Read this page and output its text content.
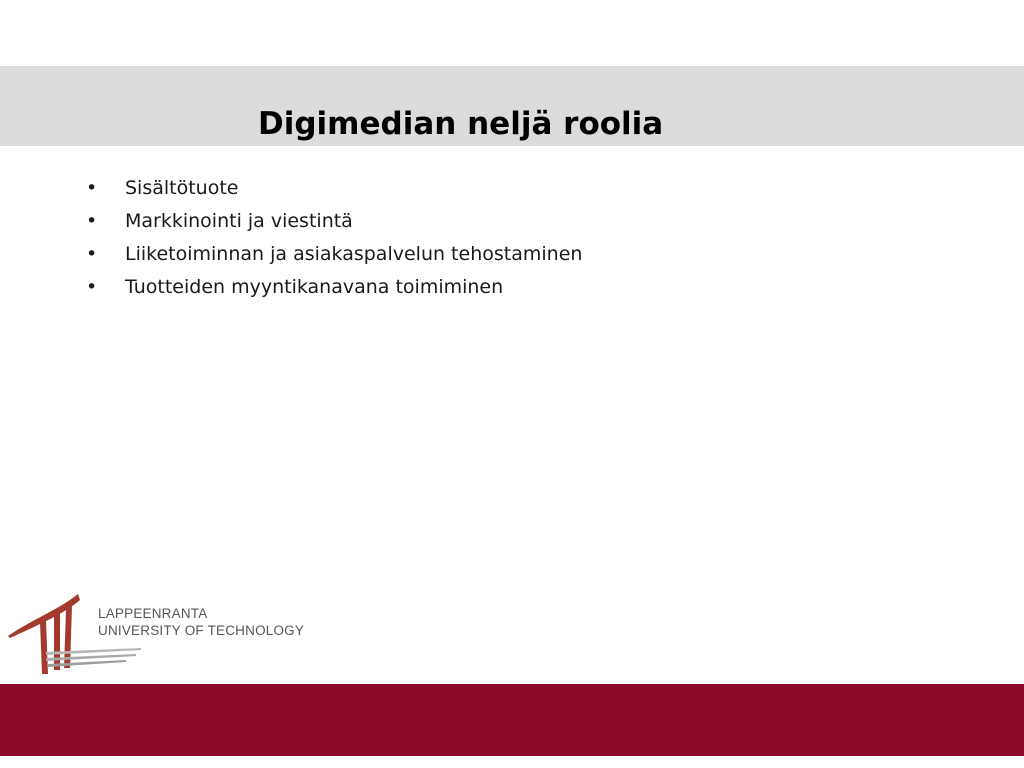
Digimedian neljä roolia
•	Sisältötuote
•	Markkinointi ja viestintä
•	Liiketoiminnan ja asiakaspalvelun tehostaminen
•	Tuotteiden myyntikanavana toimiminen
LAPPEENRANTA
UNIVERSITY OF TECHNOLOGY
